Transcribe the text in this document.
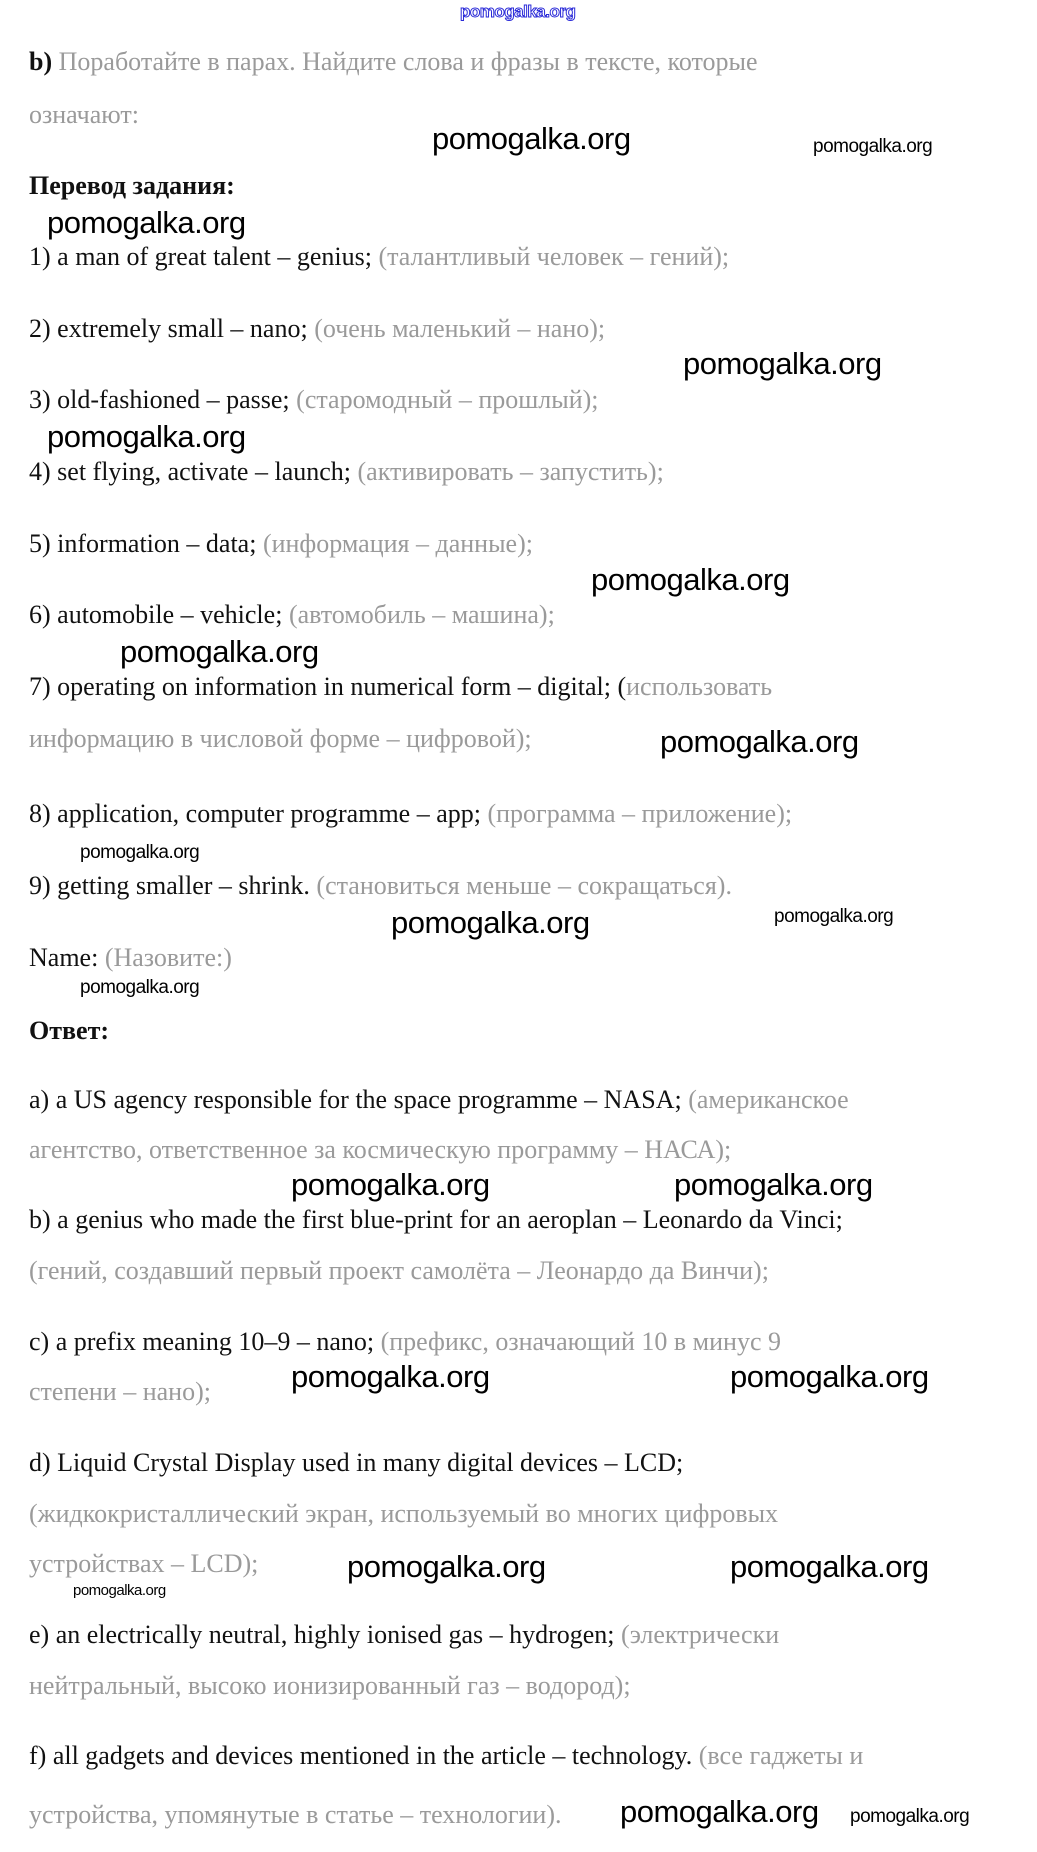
pomogalka.org
b) Поработайте в парах. Найдите слова и фразы в тексте, которые
означают:
Перевод задания:
1) a man of great talent – genius; (талантливый человек – гений);
2) extremely small – nano; (очень маленький – нано);
3) old-fashioned – passe; (старомодный – прошлый);
4) set flying, activate – launch; (активировать – запустить);
5) information – data; (информация – данные);
6) automobile – vehicle; (автомобиль – машина);
7) operating on information in numerical form – digital; (использовать
информацию в числовой форме – цифровой);
8) application, computer programme – app; (программа – приложение);
9) getting smaller – shrink. (становиться меньше – сокращаться).
Name: (Назовите:)
Ответ:
a) a US agency responsible for the space programme – NASA; (американское
агентство, ответственное за космическую программу – НАСА);
b) a genius who made the first blue-print for an aeroplan – Leonardo da Vinci;
(гений, создавший первый проект самолёта – Леонардо да Винчи);
c) a prefix meaning 10–9 – nano; (префикс, означающий 10 в минус 9
степени – нано);
d) Liquid Crystal Display used in many digital devices – LCD;
(жидкокристаллический экран, используемый во многих цифровых
устройствах – LCD);
e) an electrically neutral, highly ionised gas – hydrogen; (электрически
нейтральный, высоко ионизированный газ – водород);
f) all gadgets and devices mentioned in the article – technology. (все гаджеты и
устройства, упомянутые в статье – технологии).
pomogalka.org	pomogalka.org
pomogalka.org
pomogalka.org
pomogalka.org
pomogalka.org
pomogalka.org
pomogalka.org
pomogalka.org
pomogalka.org
pomogalka.org
pomogalka.org
pomogalka.org	pomogalka.org
pomogalka.org	pomogalka.org
pomogalka.org
pomogalka.org	pomogalka.org
pomogalka.org
pomogalka.org
